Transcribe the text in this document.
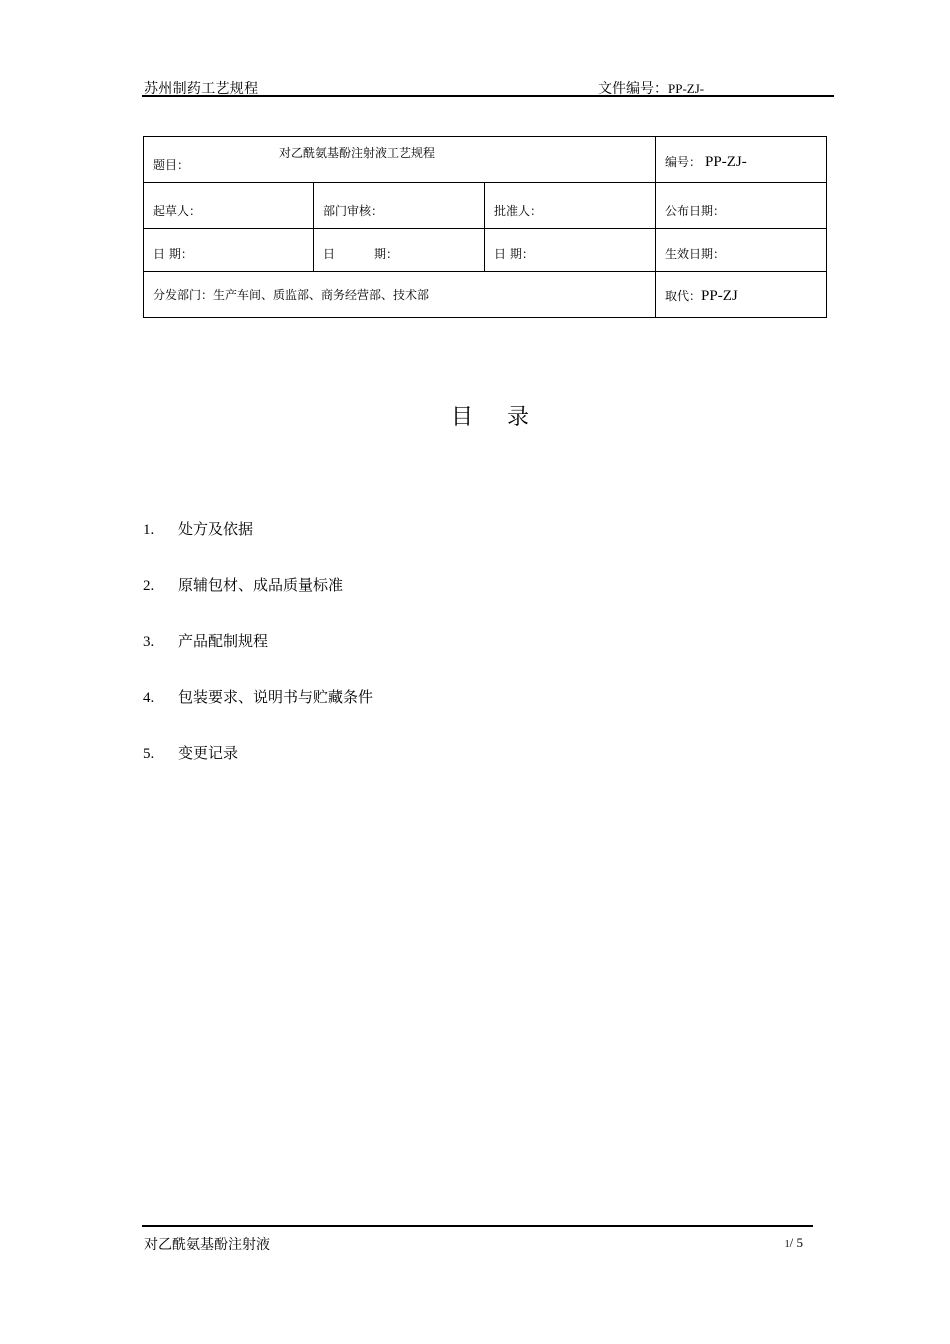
苏州制药工艺规程	文件编号：PP-ZJ-
对乙酰氨基酚注射液工艺规程
题目：			编号： PP-ZJ-

起草人：	部门审核：	批准人：	公布日期：

日 期：	日 期：	日 期：	生效日期：

分发部门：生产车间、质监部、商务经营部、技术部			取代：PP-ZJ
目 录
1. 处方及依据
2. 原辅包材、成品质量标准
3. 产品配制规程
4. 包装要求、说明书与贮藏条件
5. 变更记录
对乙酰氨基酚注射液	1/ 5
